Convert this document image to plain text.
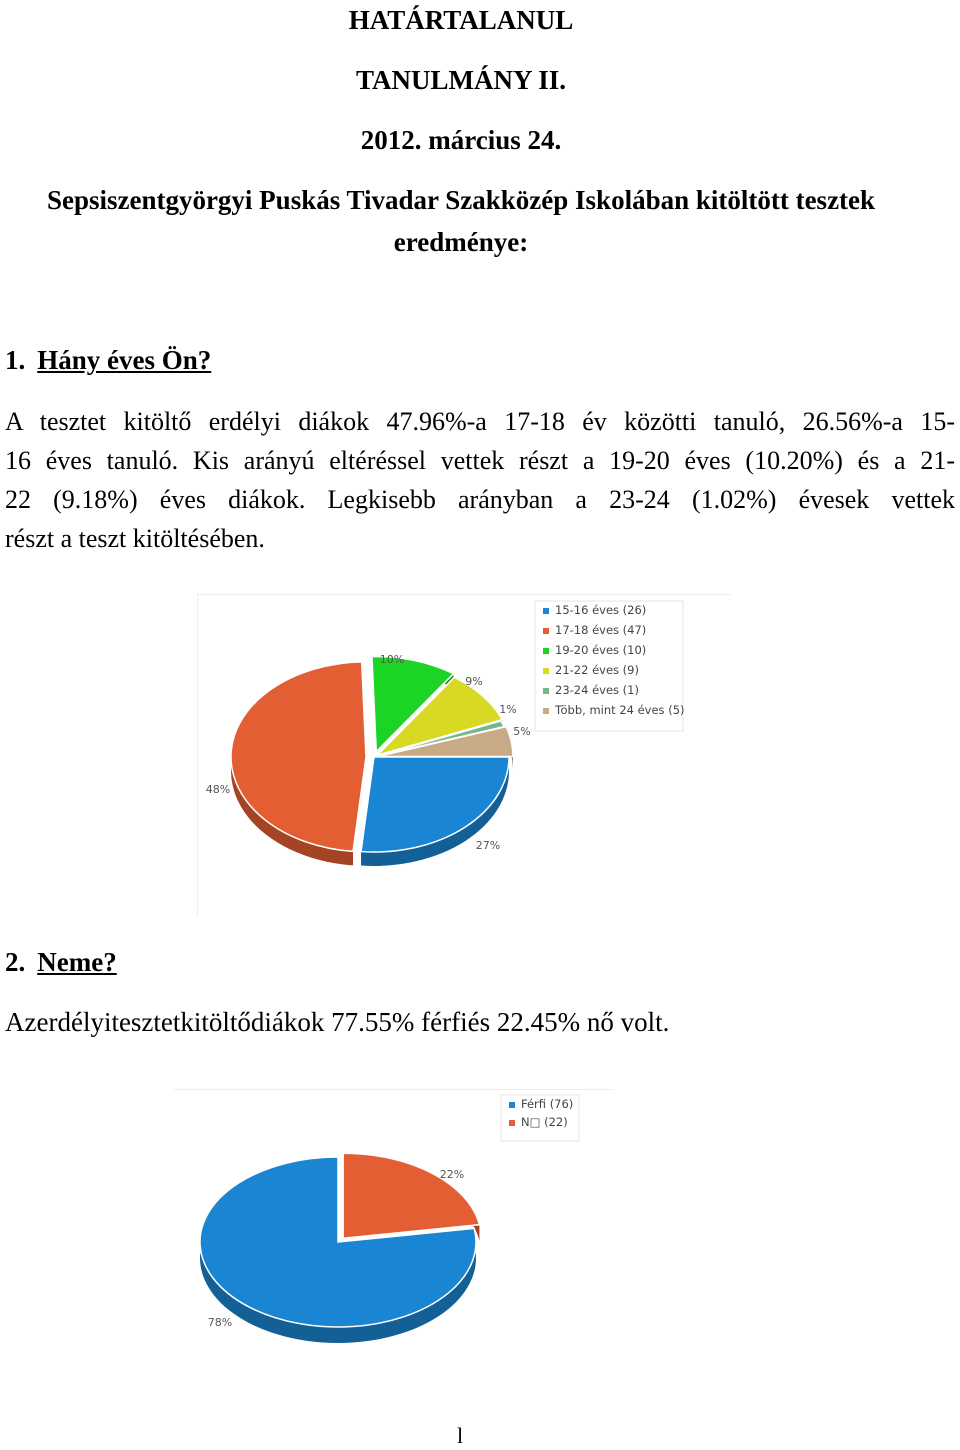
HATÁRTALANUL
TANULMÁNY II.
2012. március 24.
Sepsiszentgyörgyi Puskás Tivadar Szakközép Iskolában kitöltött tesztek
eredménye:
1. Hány éves Ön?
A tesztet kitöltő erdélyi diákok 47.96%-a 17-18 év közötti tanuló, 26.56%-a 15-
16 éves tanuló. Kis arányú eltéréssel vettek részt a 19-20 éves (10.20%) és a 21-
22 (9.18%) éves diákok. Legkisebb arányban a 23-24 (1.02%) évesek vettek
részt a teszt kitöltésében.
27%
48%
10%
9%
1%
5%
15-16 éves (26)
17-18 éves (47)
19-20 éves (10)
21-22 éves (9)
23-24 éves (1)
Több, mint 24 éves (5)
2. Neme?
Azerdélyitesztetkitöltődiákok 77.55% férfiés 22.45% nő volt.
78%
22%
Férfi (76)
N□ (22)
l
